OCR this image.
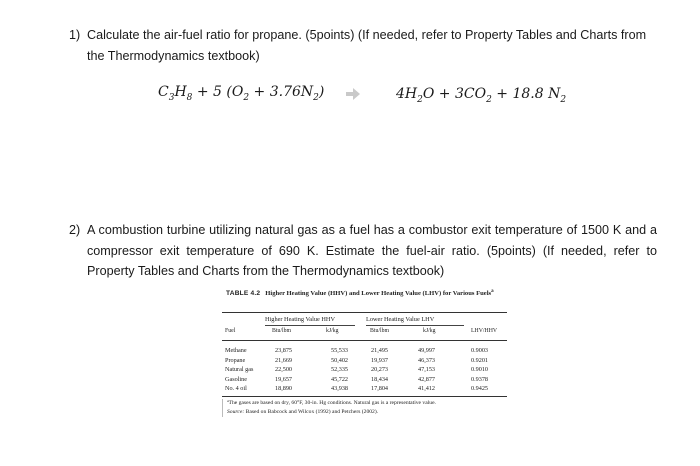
1) Calculate the air-fuel ratio for propane. (5points) (If needed, refer to Property Tables and Charts from the Thermodynamics textbook)
$C_3H_8 + 5$ $(O_2 + 3.76N_2)$ →	$4H_2O + 3CO_2 + 18.8$ $N_2$
2) A combustion turbine utilizing natural gas as a fuel has a combustor exit temperature of 1500 K and a compressor exit temperature of 690 K. Estimate the fuel-air ratio. (5points) (If needed, refer to Property Tables and Charts from the Thermodynamics textbook)
TABLE 4.2 Higher Heating Value (HHV) and Lower Heating Value (LHV) for Various Fuels$^a$
Higher Heating Value HHV	Lower Heating Value LHV
Fuel	Btu/lbm	kJ/kg	Btu/lbm	kJ/kg	LHV/HHV
Methane	23,875	55,533	21,495	49,997	0.9003
Propane	21,669	50,402	19,937	46,373	0.9201
Natural gas	22,500	52,335	20,273	47,153	0.9010
Gasoline	19,657	45,722	18,434	42,877	0.9378
No. 4 oil	18,890	43,938	17,804	41,412	0.9425
ªThe gases are based on dry, 60°F, 30-in. Hg conditions. Natural gas is a representative value.
Source: Based on Babcock and Wilcox (1992) and Petchers (2002).
